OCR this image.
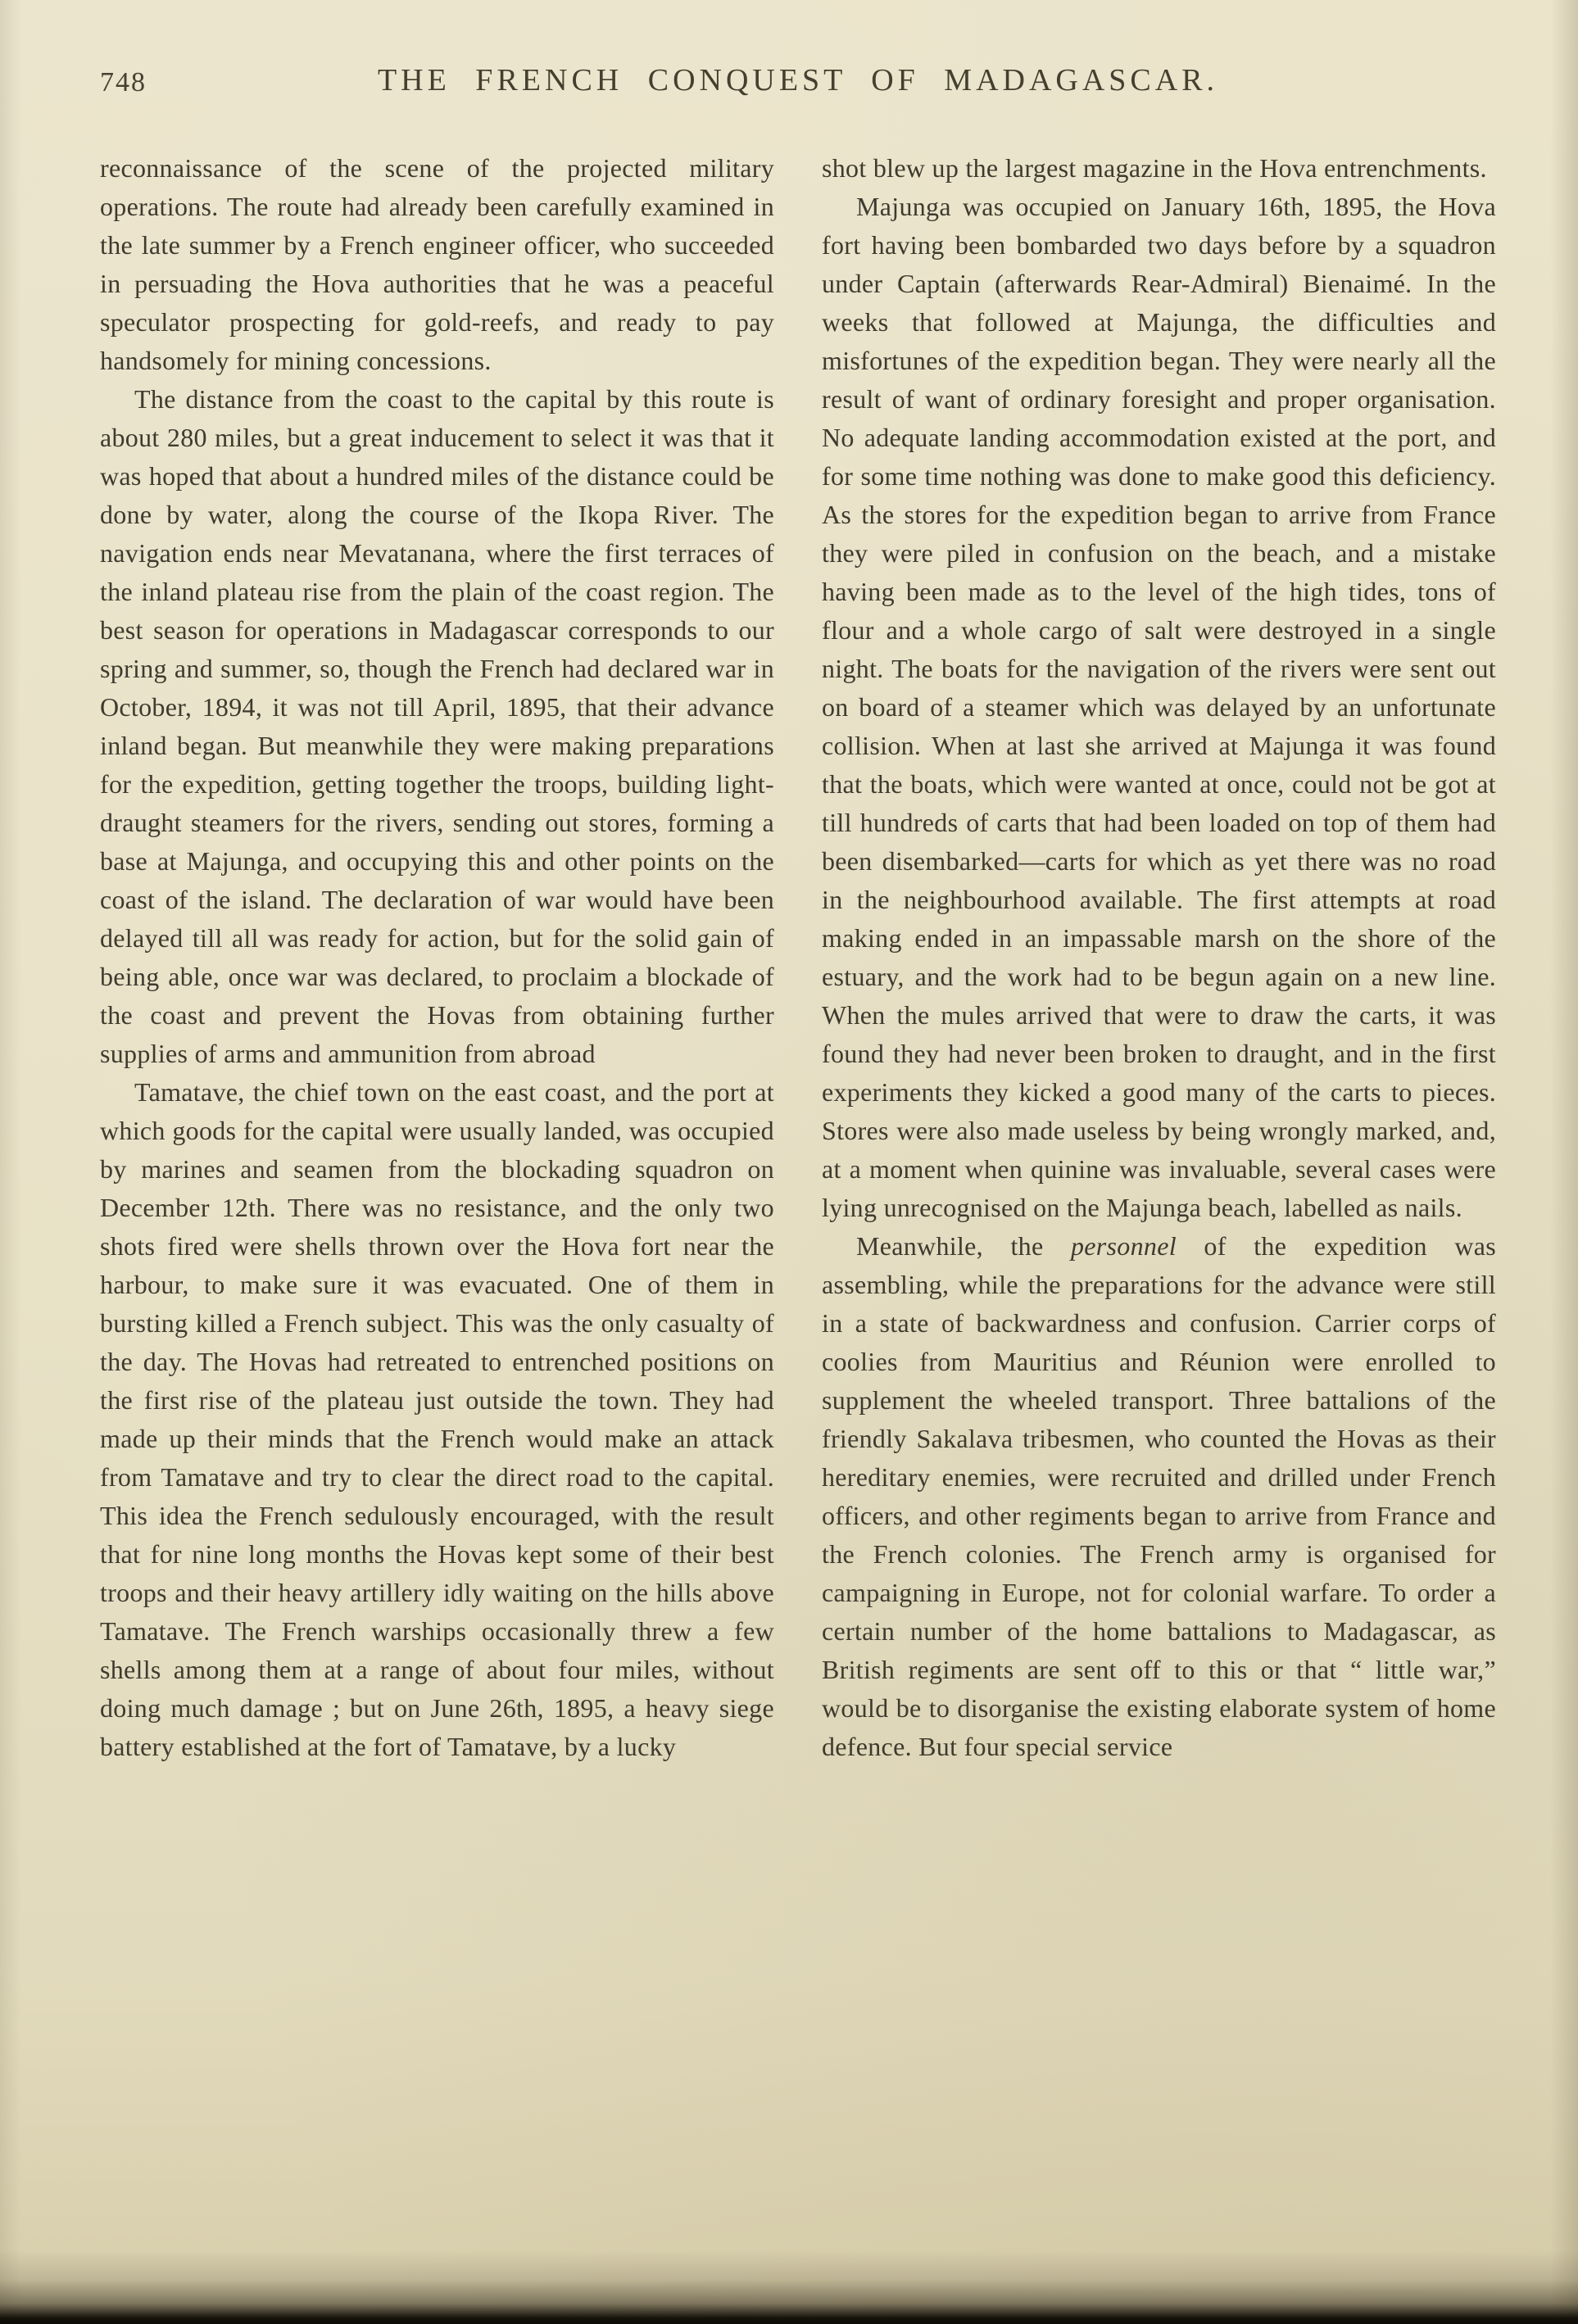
748	THE FRENCH CONQUEST OF MADAGASCAR.

reconnaissance of the scene of the projected military operations. The route had already been carefully examined in the late summer by a French engineer officer, who succeeded in persuading the Hova authorities that he was a peaceful speculator prospecting for gold-reefs, and ready to pay handsomely for mining concessions.

The distance from the coast to the capital by this route is about 280 miles, but a great inducement to select it was that it was hoped that about a hundred miles of the distance could be done by water, along the course of the Ikopa River. The navigation ends near Mevatanana, where the first terraces of the inland plateau rise from the plain of the coast region. The best season for operations in Madagascar corresponds to our spring and summer, so, though the French had declared war in October, 1894, it was not till April, 1895, that their advance inland began. But meanwhile they were making preparations for the expedition, getting together the troops, building light-draught steamers for the rivers, sending out stores, forming a base at Majunga, and occupying this and other points on the coast of the island. The declaration of war would have been delayed till all was ready for action, but for the solid gain of being able, once war was declared, to proclaim a blockade of the coast and prevent the Hovas from obtaining further supplies of arms and ammunition from abroad

Tamatave, the chief town on the east coast, and the port at which goods for the capital were usually landed, was occupied by marines and seamen from the blockading squadron on December 12th. There was no resistance, and the only two shots fired were shells thrown over the Hova fort near the harbour, to make sure it was evacuated. One of them in bursting killed a French subject. This was the only casualty of the day. The Hovas had retreated to entrenched positions on the first rise of the plateau just outside the town. They had made up their minds that the French would make an attack from Tamatave and try to clear the direct road to the capital. This idea the French sedulously encouraged, with the result that for nine long months the Hovas kept some of their best troops and their heavy artillery idly waiting on the hills above Tamatave. The French warships occasionally threw a few shells among them at a range of about four miles, without doing much damage ; but on June 26th, 1895, a heavy siege battery established at the fort of Tamatave, by a lucky

shot blew up the largest magazine in the Hova entrenchments.

Majunga was occupied on January 16th, 1895, the Hova fort having been bombarded two days before by a squadron under Captain (afterwards Rear-Admiral) Bienaimé. In the weeks that followed at Majunga, the difficulties and misfortunes of the expedition began. They were nearly all the result of want of ordinary foresight and proper organisation. No adequate landing accommodation existed at the port, and for some time nothing was done to make good this deficiency. As the stores for the expedition began to arrive from France they were piled in confusion on the beach, and a mistake having been made as to the level of the high tides, tons of flour and a whole cargo of salt were destroyed in a single night. The boats for the navigation of the rivers were sent out on board of a steamer which was delayed by an unfortunate collision. When at last she arrived at Majunga it was found that the boats, which were wanted at once, could not be got at till hundreds of carts that had been loaded on top of them had been disembarked—carts for which as yet there was no road in the neighbourhood available. The first attempts at road making ended in an impassable marsh on the shore of the estuary, and the work had to be begun again on a new line. When the mules arrived that were to draw the carts, it was found they had never been broken to draught, and in the first experiments they kicked a good many of the carts to pieces. Stores were also made useless by being wrongly marked, and, at a moment when quinine was invaluable, several cases were lying unrecognised on the Majunga beach, labelled as nails.

Meanwhile, the personnel of the expedition was assembling, while the preparations for the advance were still in a state of backwardness and confusion. Carrier corps of coolies from Mauritius and Réunion were enrolled to supplement the wheeled transport. Three battalions of the friendly Sakalava tribesmen, who counted the Hovas as their hereditary enemies, were recruited and drilled under French officers, and other regiments began to arrive from France and the French colonies. The French army is organised for campaigning in Europe, not for colonial warfare. To order a certain number of the home battalions to Madagascar, as British regiments are sent off to this or that “ little war,” would be to disorganise the existing elaborate system of home defence. But four special service
